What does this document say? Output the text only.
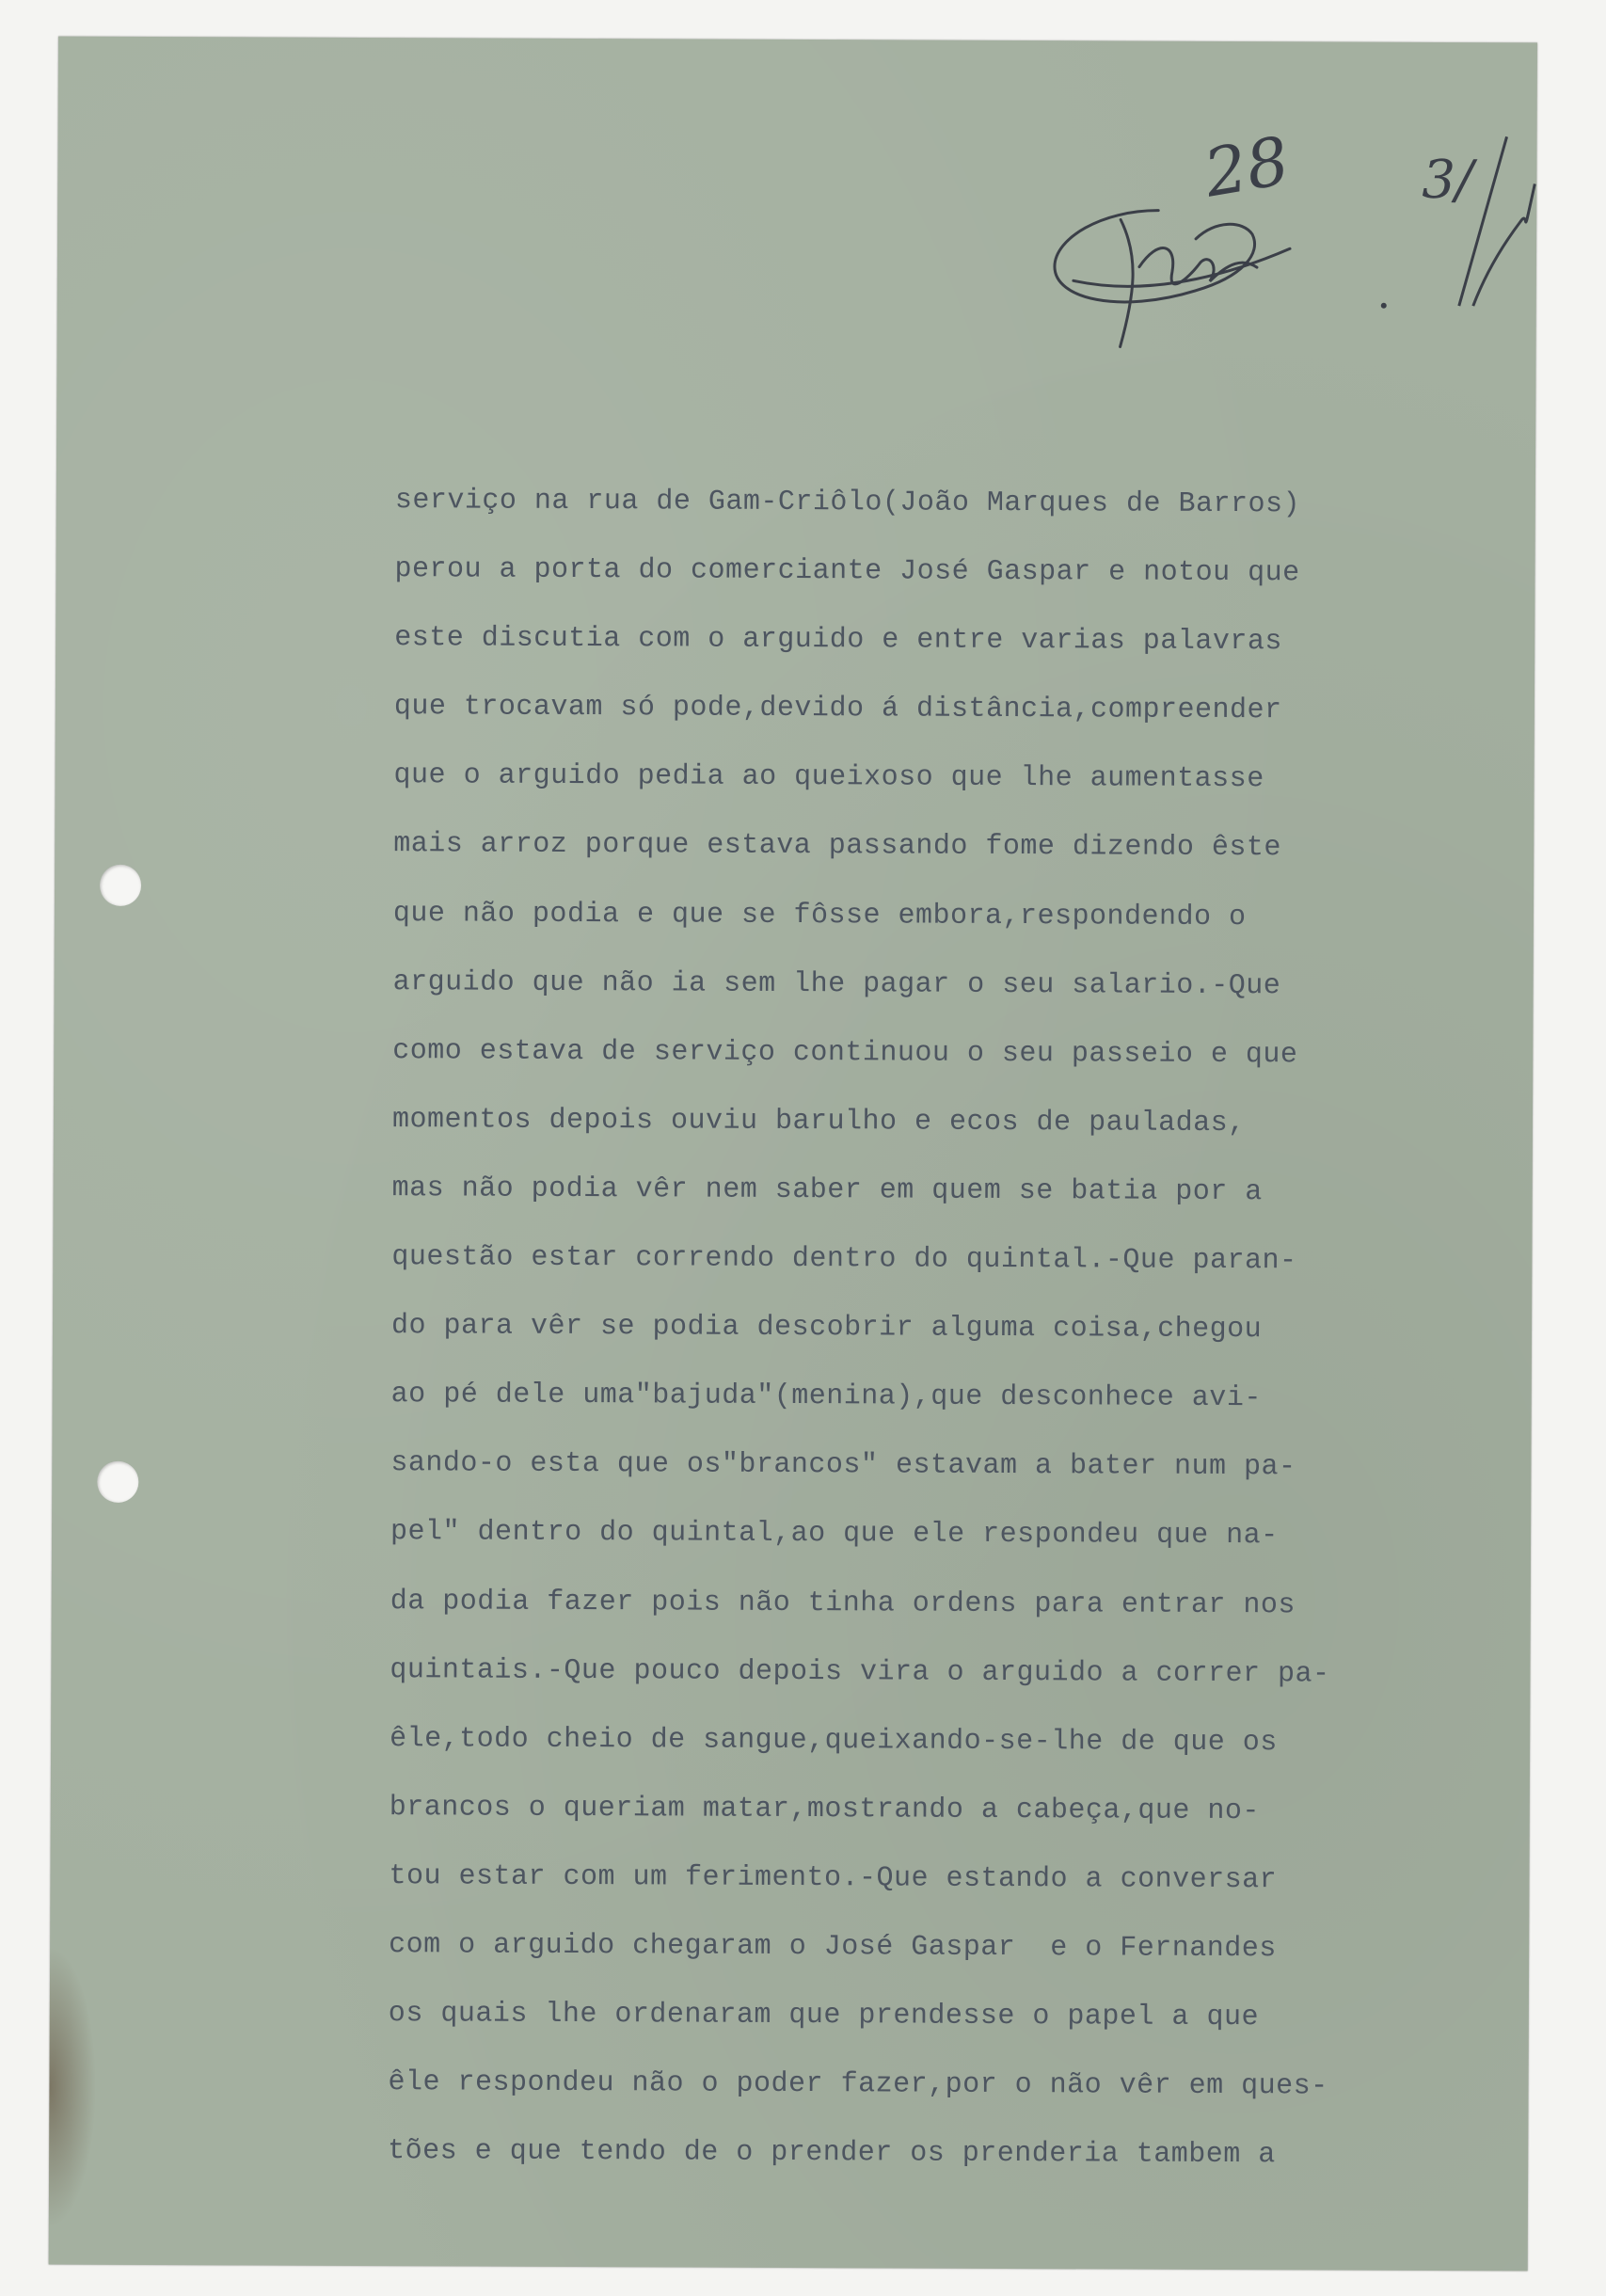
28 3/
serviço na rua de Gam-Criôlo(João Marques de Barros)
perou a porta do comerciante José Gaspar e notou que
este discutia com o arguido e entre varias palavras
que trocavam só pode,devido á distância,compreender
que o arguido pedia ao queixoso que lhe aumentasse
mais arroz porque estava passando fome dizendo êste
que não podia e que se fôsse embora,respondendo o
arguido que não ia sem lhe pagar o seu salario.-Que
como estava de serviço continuou o seu passeio e que
momentos depois ouviu barulho e ecos de pauladas,
mas não podia vêr nem saber em quem se batia por a
questão estar correndo dentro do quintal.-Que paran-
do para vêr se podia descobrir alguma coisa,chegou
ao pé dele uma"bajuda"(menina),que desconhece avi-
sando-o esta que os"brancos" estavam a bater num pa-
pel" dentro do quintal,ao que ele respondeu que na-
da podia fazer pois não tinha ordens para entrar nos
quintais.-Que pouco depois vira o arguido a correr pa-
êle,todo cheio de sangue,queixando-se-lhe de que os
brancos o queriam matar,mostrando a cabeça,que no-
tou estar com um ferimento.-Que estando a conversar
com o arguido chegaram o José Gaspar  e o Fernandes
os quais lhe ordenaram que prendesse o papel a que
êle respondeu não o poder fazer,por o não vêr em ques-
tões e que tendo de o prender os prenderia tambem a
